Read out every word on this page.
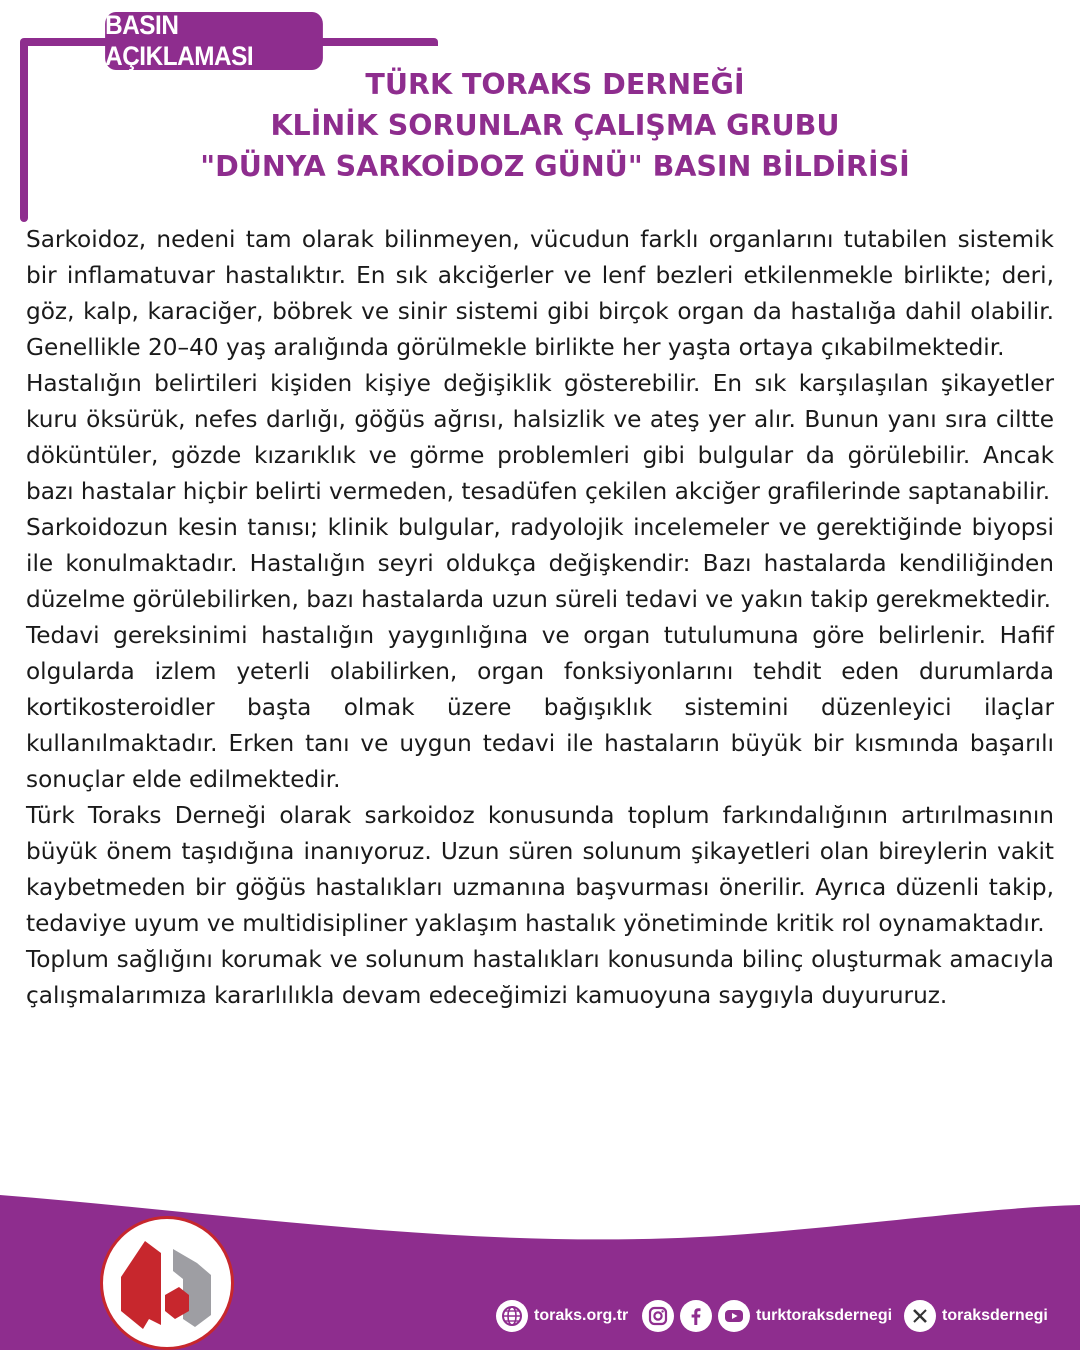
BASIN AÇIKLAMASI
TÜRK TORAKS DERNEĞİ
KLİNİK SORUNLAR ÇALIŞMA GRUBU
"DÜNYA SARKOİDOZ GÜNÜ" BASIN BİLDİRİSİ

Sarkoidoz, nedeni tam olarak bilinmeyen, vücudun farklı organlarını tutabilen sistemik bir inflamatuvar hastalıktır. En sık akciğerler ve lenf bezleri etkilenmekle birlikte; deri, göz, kalp, karaciğer, böbrek ve sinir sistemi gibi birçok organ da hastalığa dahil olabilir. Genellikle 20–40 yaş aralığında görülmekle birlikte her yaşta ortaya çıkabilmektedir.

Hastalığın belirtileri kişiden kişiye değişiklik gösterebilir. En sık karşılaşılan şikayetler kuru öksürük, nefes darlığı, göğüs ağrısı, halsizlik ve ateş yer alır. Bunun yanı sıra ciltte döküntüler, gözde kızarıklık ve görme problemleri gibi bulgular da görülebilir. Ancak bazı hastalar hiçbir belirti vermeden, tesadüfen çekilen akciğer grafilerinde saptanabilir.

Sarkoidozun kesin tanısı; klinik bulgular, radyolojik incelemeler ve gerektiğinde biyopsi ile konulmaktadır. Hastalığın seyri oldukça değişkendir: Bazı hastalarda kendiliğinden düzelme görülebilirken, bazı hastalarda uzun süreli tedavi ve yakın takip gerekmektedir.

Tedavi gereksinimi hastalığın yaygınlığına ve organ tutulumuna göre belirlenir. Hafif olgularda izlem yeterli olabilirken, organ fonksiyonlarını tehdit eden durumlarda kortikosteroidler başta olmak üzere bağışıklık sistemini düzenleyici ilaçlar kullanılmaktadır. Erken tanı ve uygun tedavi ile hastaların büyük bir kısmında başarılı sonuçlar elde edilmektedir.

Türk Toraks Derneği olarak sarkoidoz konusunda toplum farkındalığının artırılmasının büyük önem taşıdığına inanıyoruz. Uzun süren solunum şikayetleri olan bireylerin vakit kaybetmeden bir göğüs hastalıkları uzmanına başvurması önerilir. Ayrıca düzenli takip, tedaviye uyum ve multidisipliner yaklaşım hastalık yönetiminde kritik rol oynamaktadır.

Toplum sağlığını korumak ve solunum hastalıkları konusunda bilinç oluşturmak amacıyla çalışmalarımıza kararlılıkla devam edeceğimizi kamuoyuna saygıyla duyururuz.

toraks.org.tr	turktoraksdernegi	toraksdernegi
